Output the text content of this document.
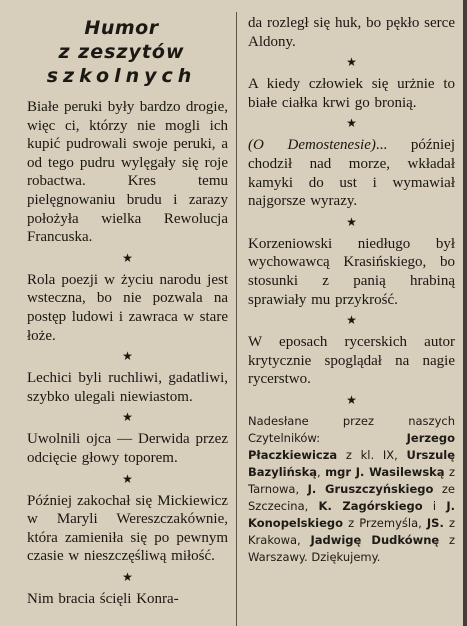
Humor
z zeszytów
szkolnych

Białe peruki były bardzo drogie, więc ci, którzy nie mogli ich kupić pudrowali swoje peruki, a od tego pudru wylęgały się roje robactwa. Kres temu pielęgnowaniu brudu i zarazy położyła wielka Rewolucja Francuska.

★

Rola poezji w życiu narodu jest wsteczna, bo nie pozwala na postęp ludowi i zawraca w stare łoże.

★

Lechici byli ruchliwi, gadatliwi, szybko ulegali niewiastom.

★

Uwolnili ojca — Derwida przez odcięcie głowy toporem.

★

Później zakochał się Mickiewicz w Maryli Wereszczakównie, która zamieniła się po pewnym czasie w nieszczęśliwą miłość.

★

Nim bracia ścięli Konra-

da rozległ się huk, bo pękło serce Aldony.

★

A kiedy człowiek się urżnie to białe ciałka krwi go bronią.

★

(O Demostenesie)... później chodził nad morze, wkładał kamyki do ust i wymawiał najgorsze wyrazy.

★

Korzeniowski niedługo był wychowawcą Krasińskiego, bo stosunki z panią hrabiną sprawiały mu przykrość.

★

W eposach rycerskich autor krytycznie spoglądał na nagie rycerstwo.

★

Nadesłane przez naszych Czytelników:	Jerzego Płaczkiewicza z kl. IX, Urszulę Bazylińską, mgr J. Wasilewską z Tarnowa, J. Gruszczyńskiego ze Szczecina, K. Zagórskiego i J. Konopelskiego z Przemyśla, JS. z Krakowa, Jadwigę Dudkównę z Warszawy. Dziękujemy.
